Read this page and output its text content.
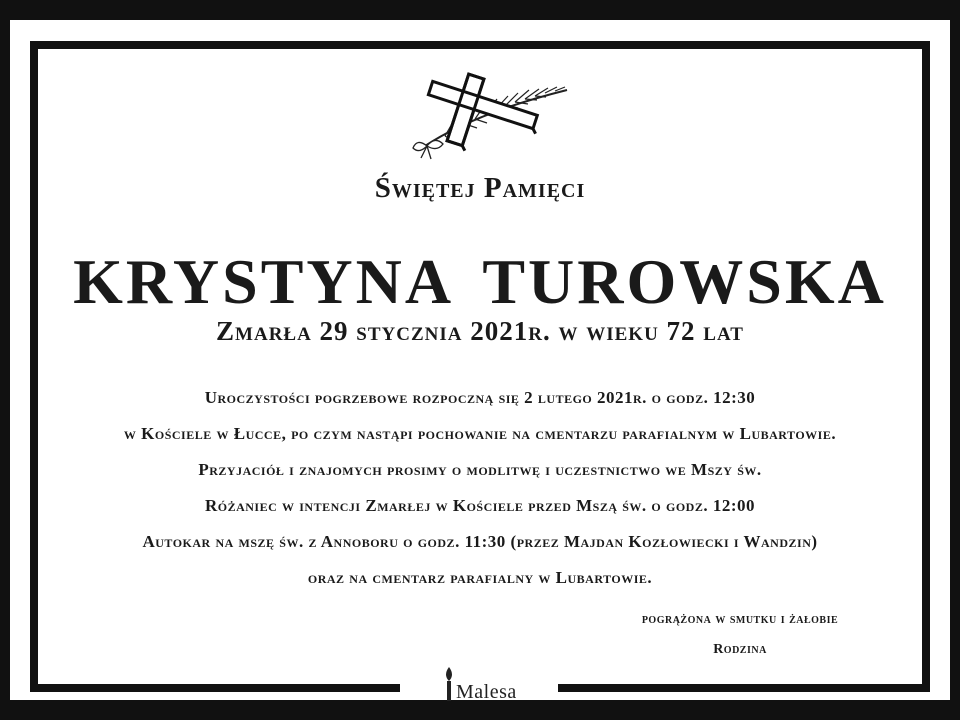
Świętej Pamięci
KRYSTYNA TUROWSKA
Zmarła 29 stycznia 2021r. w wieku 72 lat
Uroczystości pogrzebowe rozpoczną się 2 lutego 2021r. o godz. 12:30
w Kościele w Łucce, po czym nastąpi pochowanie na cmentarzu parafialnym w Lubartowie.
Przyjaciół i znajomych prosimy o modlitwę i uczestnictwo we Mszy św.
Różaniec w intencji Zmarłej w Kościele przed Mszą św. o godz. 12:00
Autokar na mszę św. z Annoboru o godz. 11:30 (przez Majdan Kozłowiecki i Wandzin)
oraz na cmentarz parafialny w Lubartowie.
pogrążona w smutku i żałobie
Rodzina
Malesa
